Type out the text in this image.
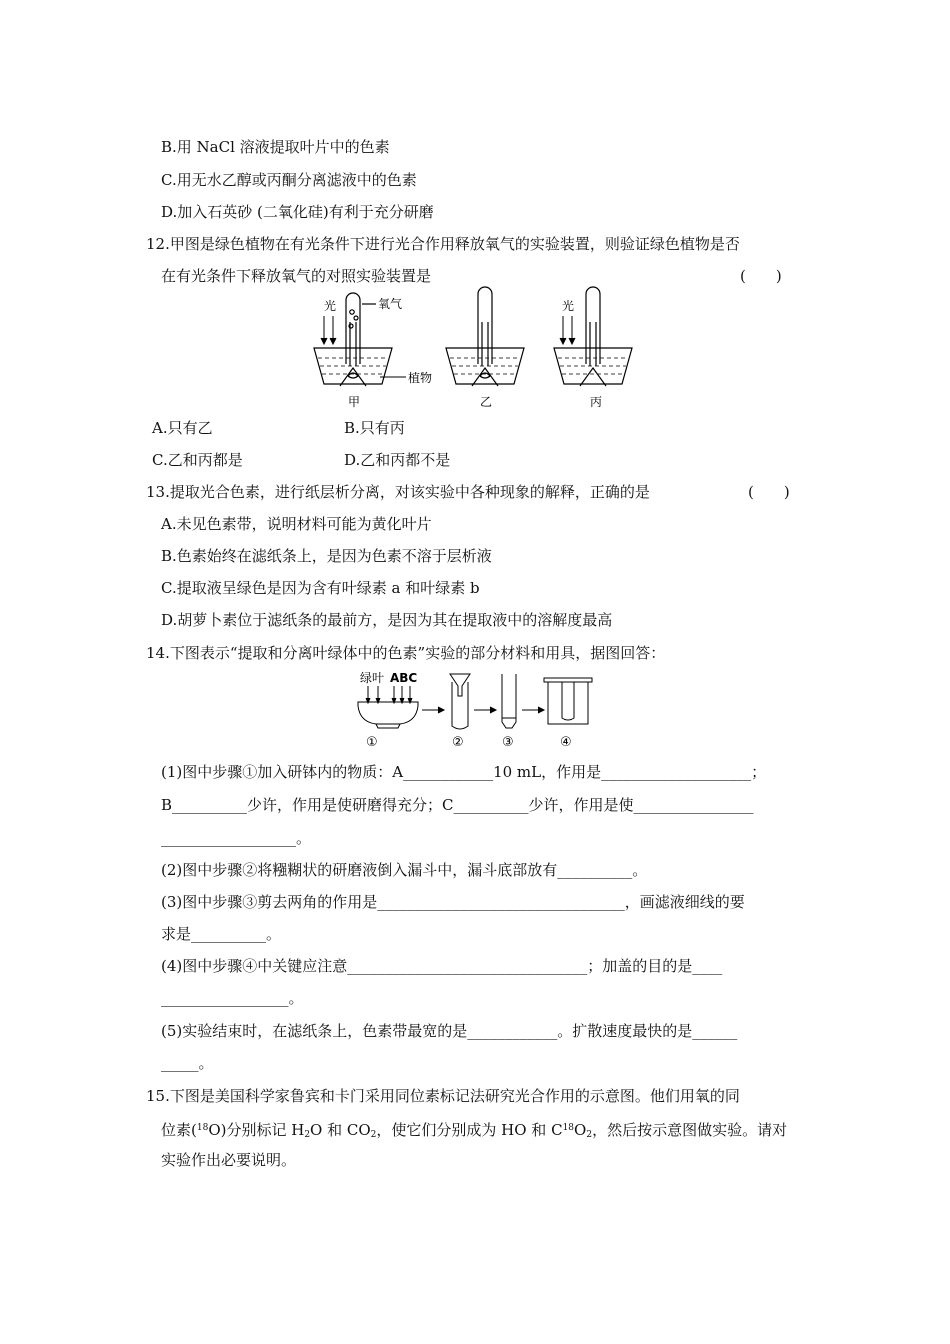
B.用 NaCl 溶液提取叶片中的色素
C.用无水乙醇或丙酮分离滤液中的色素
D.加入石英砂 (二氧化硅)有利于充分研磨
12.甲图是绿色植物在有光条件下进行光合作用释放氧气的实验装置，则验证绿色植物是否
在有光条件下释放氧气的对照实验装置是	(　　)
氧气
光
植物
甲	乙
光
丙
A.只有乙	B.只有丙
C.乙和丙都是	D.乙和丙都不是
13.提取光合色素，进行纸层析分离，对该实验中各种现象的解释，正确的是	(　　)
A.未见色素带，说明材料可能为黄化叶片
B.色素始终在滤纸条上，是因为色素不溶于层析液
C.提取液呈绿色是因为含有叶绿素 a 和叶绿素 b
D.胡萝卜素位于滤纸条的最前方，是因为其在提取液中的溶解度最高
14.下图表示“提取和分离叶绿体中的色素”实验的部分材料和用具，据图回答：
绿叶 ABC
①	②	③	④
(1)图中步骤①加入研钵内的物质：A____________10 mL，作用是____________________；
B__________少许，作用是使研磨得充分；C__________少许，作用是使________________
__________________。
(2)图中步骤②将糨糊状的研磨液倒入漏斗中，漏斗底部放有__________。
(3)图中步骤③剪去两角的作用是_________________________________，画滤液细线的要
求是__________。
(4)图中步骤④中关键应注意________________________________；加盖的目的是____
_________________。
(5)实验结束时，在滤纸条上，色素带最宽的是____________。扩散速度最快的是______
_____。
15.下图是美国科学家鲁宾和卡门采用同位素标记法研究光合作用的示意图。他们用氧的同
位素($^{18}$O)分别标记 $H_2O$ 和 $CO_2$，使它们分别成为 HO 和 $C^{18}O_2$，然后按示意图做实验。请对
实验作出必要说明。
